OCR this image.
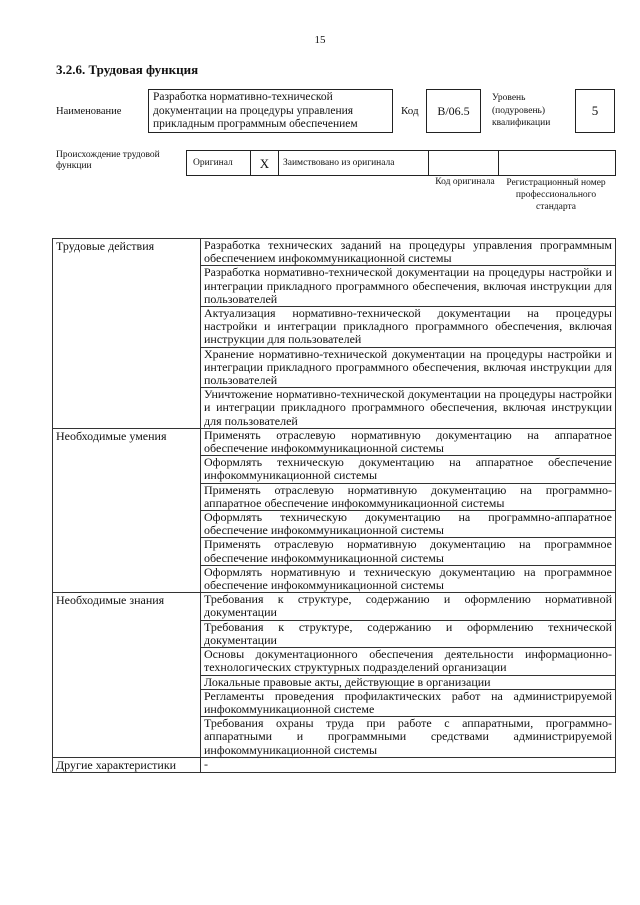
15
3.2.6. Трудовая функция
Наименование
Разработка нормативно-технической документации на процедуры управления прикладным программным обеспечением
Код B/06.5
Уровень (подуровень) квалификации
5
Происхождение трудовой функции	Оригинал	X	Заимствовано из оригинала
Код оригинала	Регистрационный номер профессионального стандарта
Трудовые действия	Разработка технических заданий на процедуры управления программным обеспечением инфокоммуникационной системы
	Разработка нормативно-технической документации на процедуры настройки и интеграции прикладного программного обеспечения, включая инструкции для пользователей
	Актуализация нормативно-технической документации на процедуры настройки и интеграции прикладного программного обеспечения, включая инструкции для пользователей
	Хранение нормативно-технической документации на процедуры настройки и интеграции прикладного программного обеспечения, включая инструкции для пользователей
	Уничтожение нормативно-технической документации на процедуры настройки и интеграции прикладного программного обеспечения, включая инструкции для пользователей
Необходимые умения	Применять отраслевую нормативную документацию на аппаратное обеспечение инфокоммуникационной системы
	Оформлять техническую документацию на аппаратное обеспечение инфокоммуникационной системы
	Применять отраслевую нормативную документацию на программно-аппаратное обеспечение инфокоммуникационной системы
	Оформлять техническую документацию на программно-аппаратное обеспечение инфокоммуникационной системы
	Применять отраслевую нормативную документацию на программное обеспечение инфокоммуникационной системы
	Оформлять нормативную и техническую документацию на программное обеспечение инфокоммуникационной системы
Необходимые знания	Требования к структуре, содержанию и оформлению нормативной документации
	Требования к структуре, содержанию и оформлению технической документации
	Основы документационного обеспечения деятельности информационно-технологических структурных подразделений организации
	Локальные правовые акты, действующие в организации
	Регламенты проведения профилактических работ на администрируемой инфокоммуникационной системе
	Требования охраны труда при работе с аппаратными, программно-аппаратными и программными средствами администрируемой инфокоммуникационной системы
Другие характеристики	-
